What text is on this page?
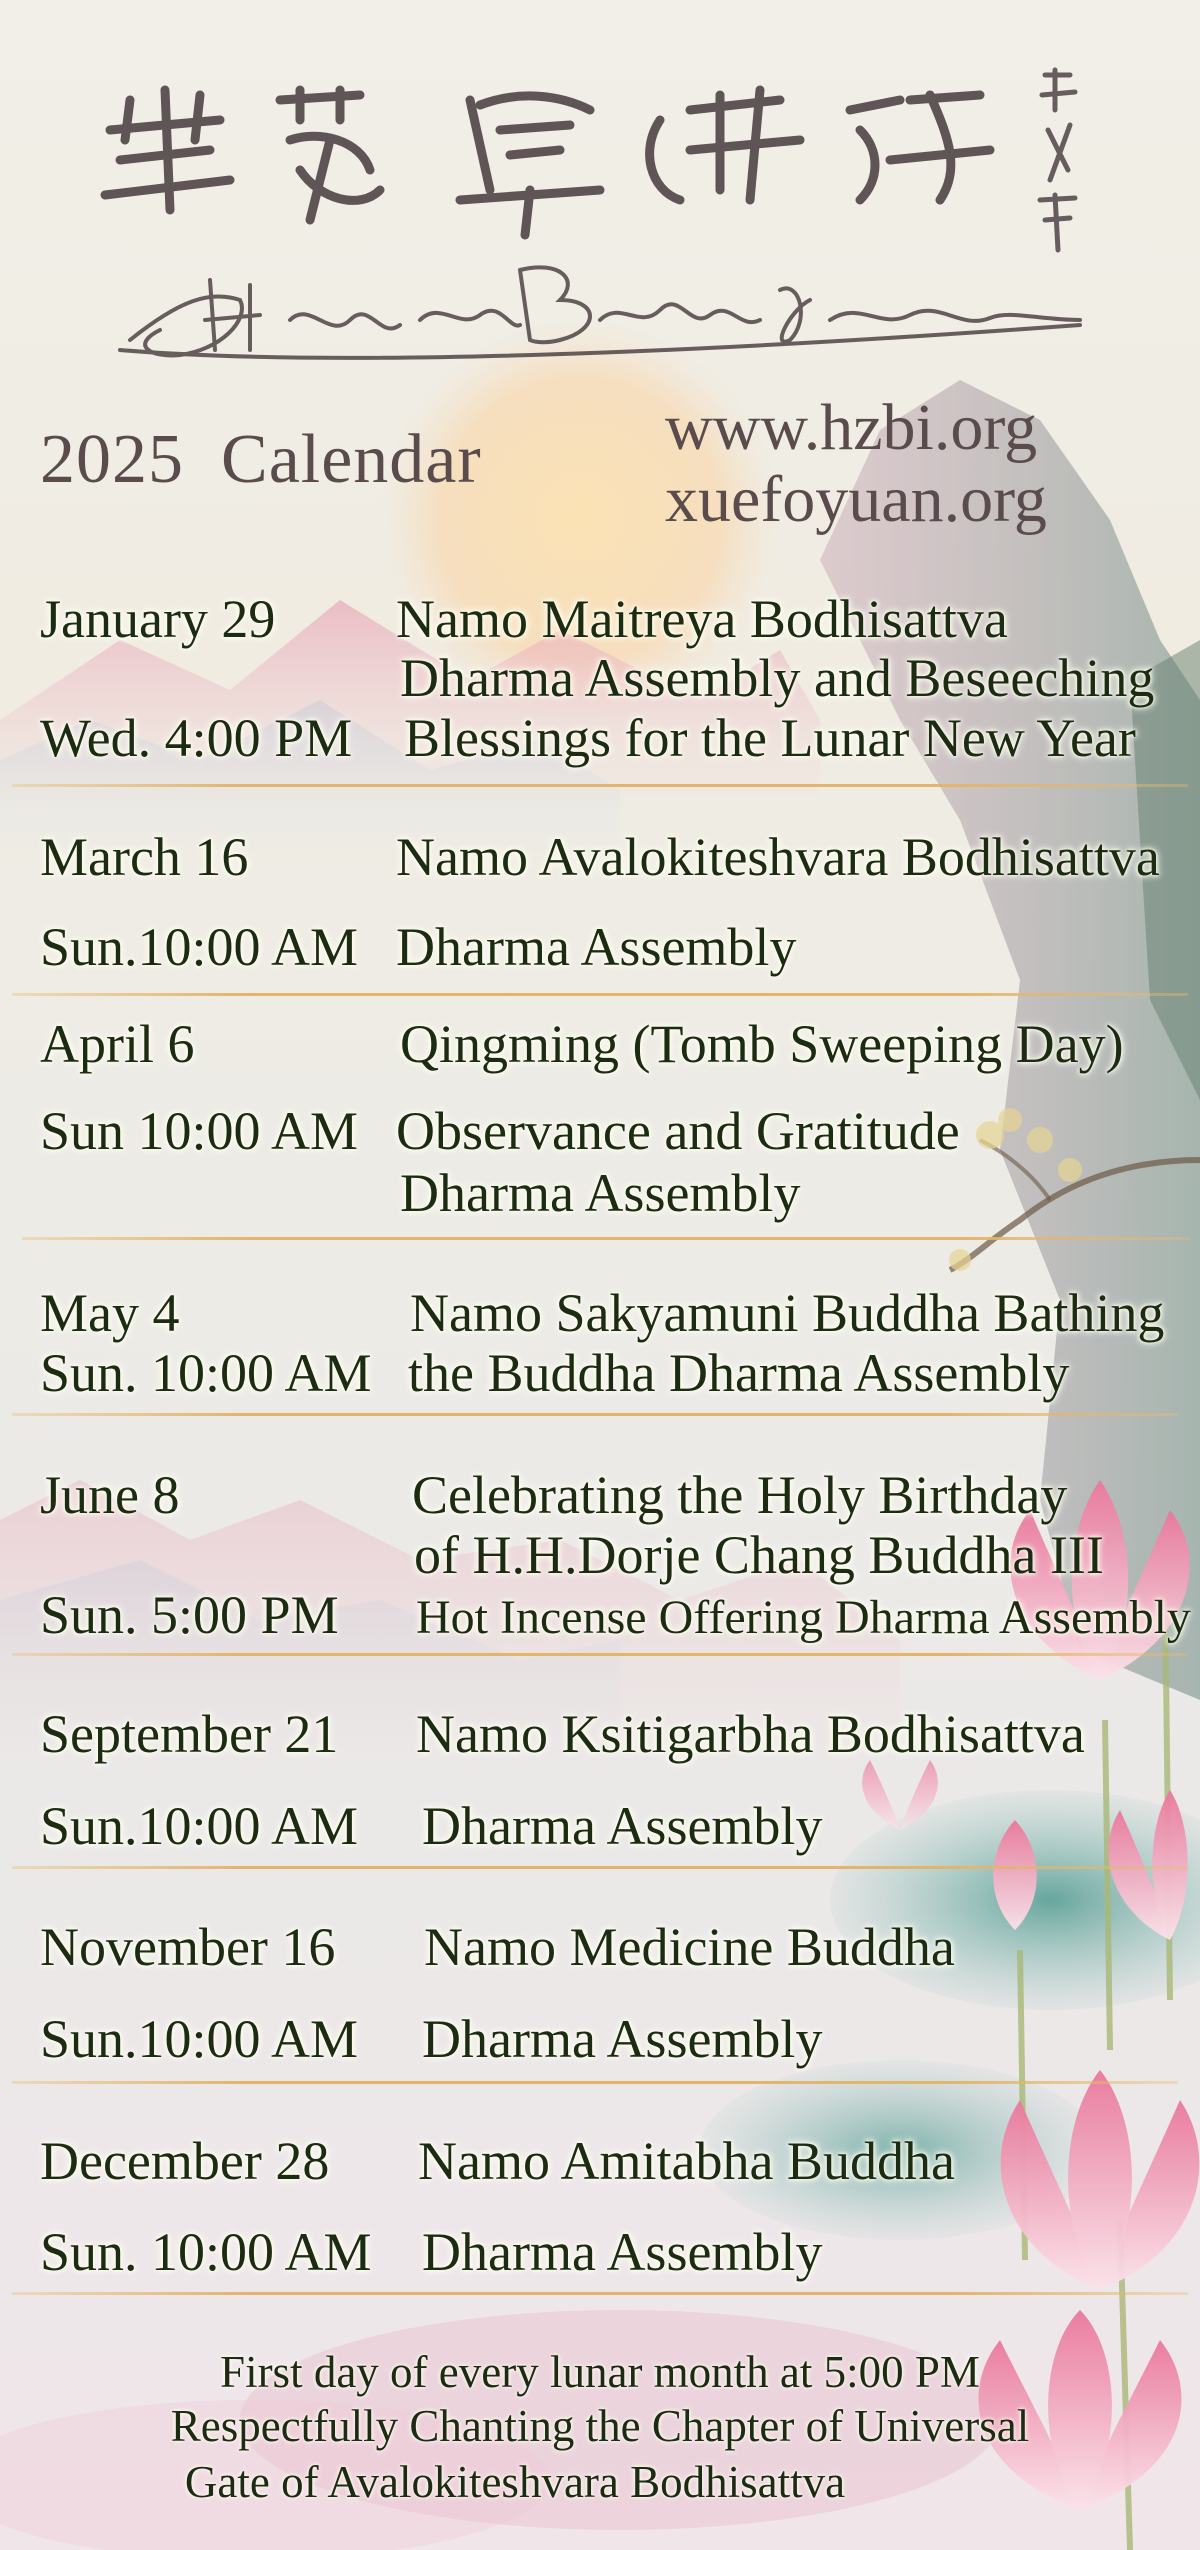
2025  Calendar	www.hzbi.org
xuefoyuan.org
January 29
Wed. 4:00 PM
Namo Maitreya Bodhisattva
Dharma Assembly and Beseeching
Blessings for the Lunar New Year
March 16
Sun.10:00 AM
Namo Avalokiteshvara Bodhisattva
Dharma Assembly
April 6
Sun 10:00 AM
Qingming (Tomb Sweeping Day)
Observance and Gratitude
Dharma Assembly
May 4
Sun. 10:00 AM
Namo Sakyamuni Buddha Bathing
the Buddha Dharma Assembly
June 8
Sun. 5:00 PM
Celebrating the Holy Birthday
of H.H.Dorje Chang Buddha III
Hot Incense Offering Dharma Assembly
September 21
Sun.10:00 AM
Namo Ksitigarbha Bodhisattva
Dharma Assembly
November 16
Sun.10:00 AM
Namo Medicine Buddha
Dharma Assembly
December 28
Sun. 10:00 AM
Namo Amitabha Buddha
Dharma Assembly
First day of every lunar month at 5:00 PM
Respectfully Chanting the Chapter of Universal
Gate of Avalokiteshvara Bodhisattva
